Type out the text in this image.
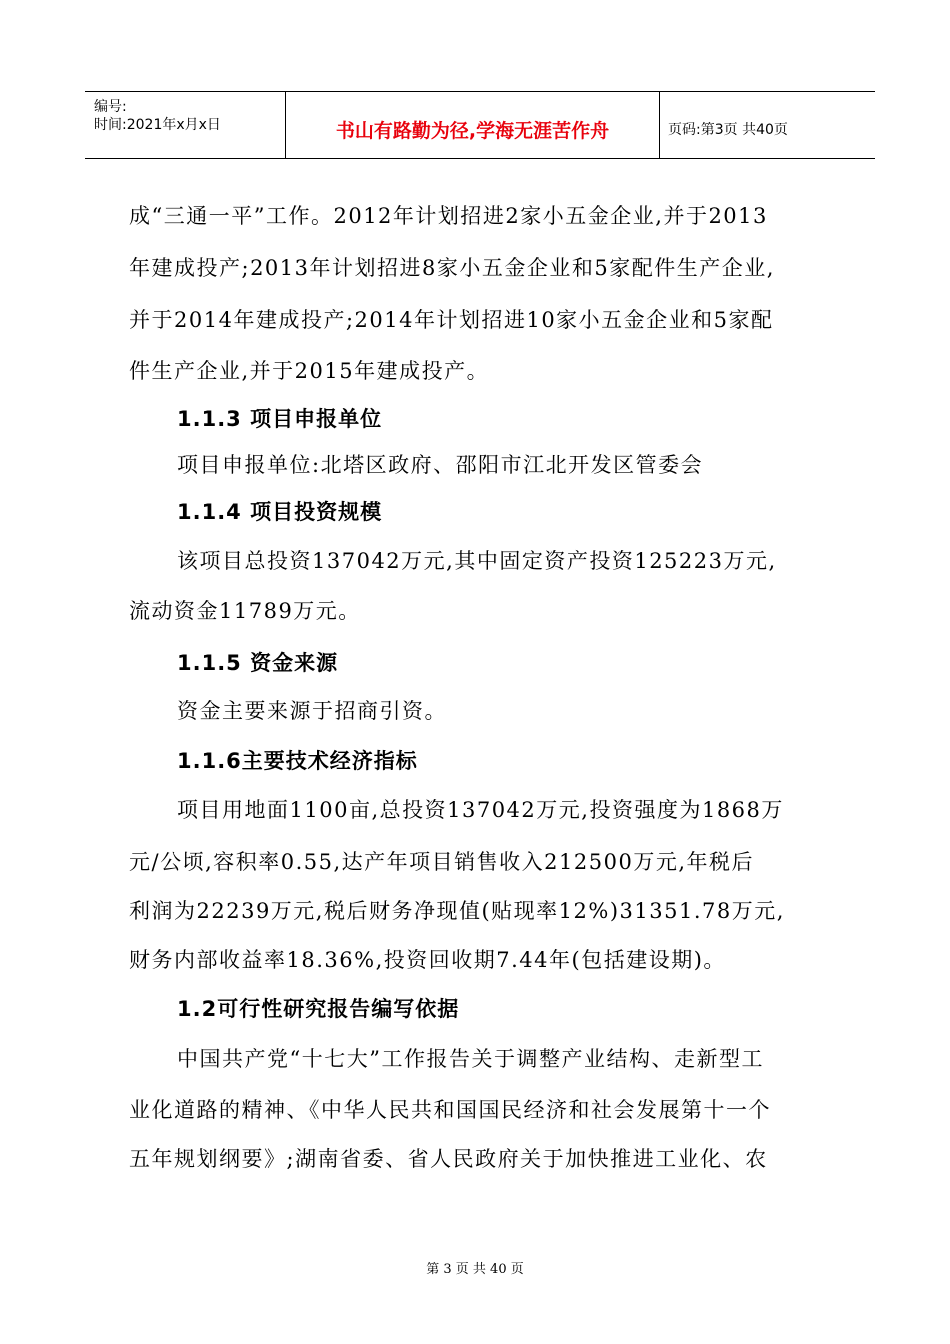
编号:
时间:2021年x月x日	书山有路勤为径,学海无涯苦作舟	页码:第3页 共40页
成“三通一平”工作。2012年计划招进2家小五金企业,并于2013
年建成投产;2013年计划招进8家小五金企业和5家配件生产企业,
并于2014年建成投产;2014年计划招进10家小五金企业和5家配
件生产企业,并于2015年建成投产。
1.1.3 项目申报单位
项目申报单位:北塔区政府、邵阳市江北开发区管委会
1.1.4 项目投资规模
该项目总投资137042万元,其中固定资产投资125223万元,
流动资金11789万元。
1.1.5 资金来源
资金主要来源于招商引资。
1.1.6主要技术经济指标
项目用地面1100亩,总投资137042万元,投资强度为1868万
元/公顷,容积率0.55,达产年项目销售收入212500万元,年税后
利润为22239万元,税后财务净现值(贴现率12%)31351.78万元,
财务内部收益率18.36%,投资回收期7.44年(包括建设期)。
1.2可行性研究报告编写依据
中国共产党“十七大”工作报告关于调整产业结构、走新型工
业化道路的精神、《中华人民共和国国民经济和社会发展第十一个
五年规划纲要》;湖南省委、省人民政府关于加快推进工业化、农
第 3 页 共 40 页
